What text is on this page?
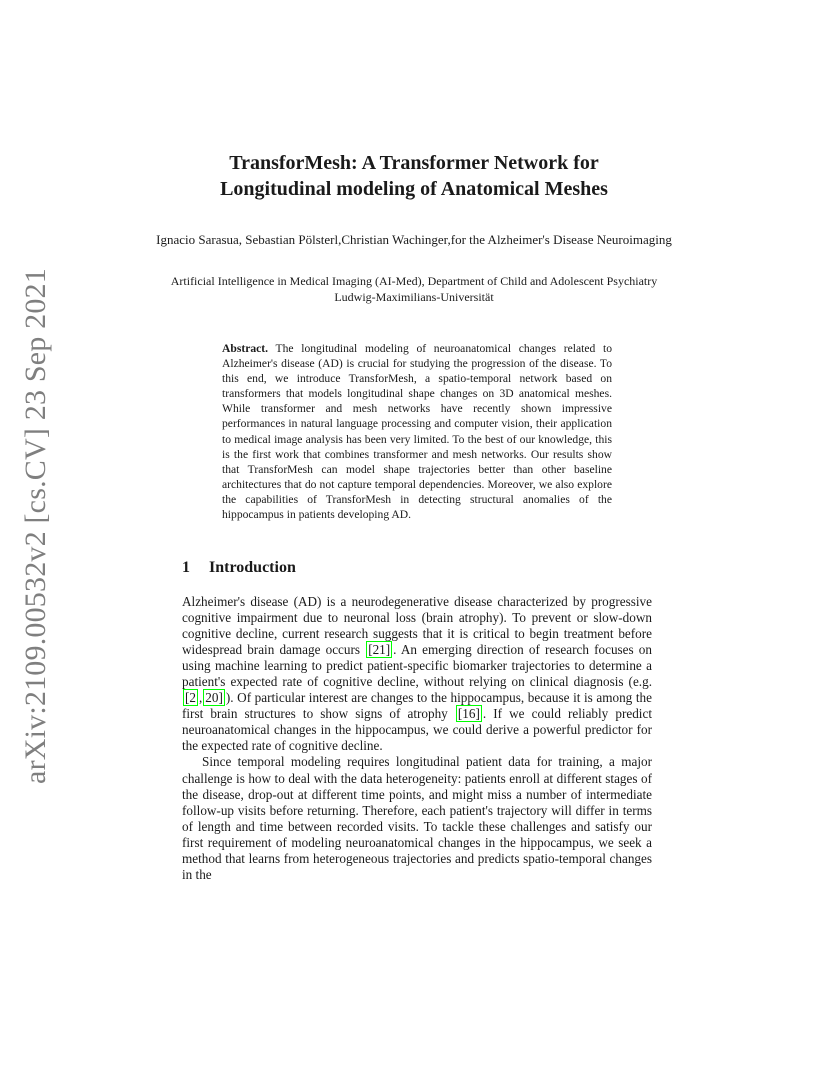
arXiv:2109.00532v2 [cs.CV] 23 Sep 2021
TransforMesh: A Transformer Network for
Longitudinal modeling of Anatomical Meshes
Ignacio Sarasua, Sebastian Pölsterl,Christian Wachinger,for the Alzheimer's Disease Neuroimaging
Artificial Intelligence in Medical Imaging (AI-Med), Department of Child and Adolescent Psychiatry Ludwig-Maximilians-Universität
Abstract. The longitudinal modeling of neuroanatomical changes related to Alzheimer's disease (AD) is crucial for studying the progression of the disease. To this end, we introduce TransforMesh, a spatio-temporal network based on transformers that models longitudinal shape changes on 3D anatomical meshes. While transformer and mesh networks have recently shown impressive performances in natural language processing and computer vision, their application to medical image analysis has been very limited. To the best of our knowledge, this is the first work that combines transformer and mesh networks. Our results show that TransforMesh can model shape trajectories better than other baseline architectures that do not capture temporal dependencies. Moreover, we also explore the capabilities of TransforMesh in detecting structural anomalies of the hippocampus in patients developing AD.
1 Introduction

Alzheimer's disease (AD) is a neurodegenerative disease characterized by progressive cognitive impairment due to neuronal loss (brain atrophy). To prevent or slow-down cognitive decline, current research suggests that it is critical to begin treatment before widespread brain damage occurs [21] . An emerging direction of research focuses on using machine learning to predict patient-specific biomarker trajectories to determine a patient's expected rate of cognitive decline, without relying on clinical diagnosis (e.g. [2 , 20] ). Of particular interest are changes to the hippocampus, because it is among the first brain structures to show signs of atrophy [16] . If we could reliably predict neuroanatomical changes in the hippocampus, we could derive a powerful predictor for the expected rate of cognitive decline.

Since temporal modeling requires longitudinal patient data for training, a major challenge is how to deal with the data heterogeneity: patients enroll at different stages of the disease, drop-out at different time points, and might miss a number of intermediate follow-up visits before returning. Therefore, each patient's trajectory will differ in terms of length and time between recorded visits. To tackle these challenges and satisfy our first requirement of modeling neuroanatomical changes in the hippocampus, we seek a method that learns from heterogeneous trajectories and predicts spatio-temporal changes in the
